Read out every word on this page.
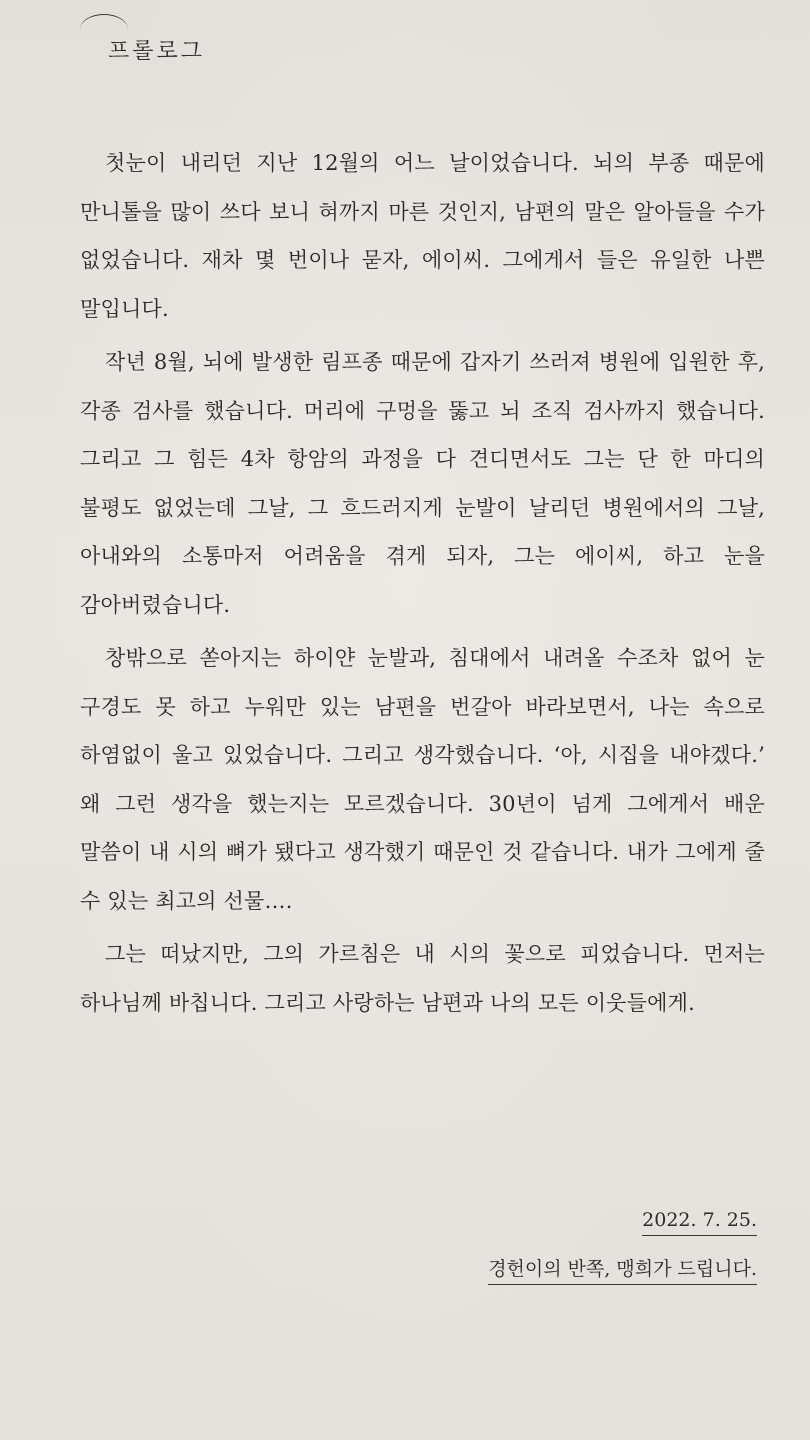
프롤로그

첫눈이 내리던 지난 12월의 어느 날이었습니다. 뇌의 부종 때문에 만니톨을 많이 쓰다 보니 혀까지 마른 것인지, 남편의 말은 알아들을 수가 없었습니다. 재차 몇 번이나 묻자, 에이씨. 그에게서 들은 유일한 나쁜 말입니다.

작년 8월, 뇌에 발생한 림프종 때문에 갑자기 쓰러져 병원에 입원한 후, 각종 검사를 했습니다. 머리에 구멍을 뚫고 뇌 조직 검사까지 했습니다. 그리고 그 힘든 4차 항암의 과정을 다 견디면서도 그는 단 한 마디의 불평도 없었는데 그날, 그 흐드러지게 눈발이 날리던 병원에서의 그날, 아내와의 소통마저 어려움을 겪게 되자, 그는 에이씨, 하고 눈을 감아버렸습니다.

창밖으로 쏟아지는 하이얀 눈발과, 침대에서 내려올 수조차 없어 눈 구경도 못 하고 누워만 있는 남편을 번갈아 바라보면서, 나는 속으로 하염없이 울고 있었습니다. 그리고 생각했습니다. ‘아, 시집을 내야겠다.’ 왜 그런 생각을 했는지는 모르겠습니다. 30년이 넘게 그에게서 배운 말씀이 내 시의 뼈가 됐다고 생각했기 때문인 것 같습니다. 내가 그에게 줄 수 있는 최고의 선물….

그는 떠났지만, 그의 가르침은 내 시의 꽃으로 피었습니다. 먼저는 하나님께 바칩니다. 그리고 사랑하는 남편과 나의 모든 이웃들에게.

2022. 7. 25.
경헌이의 반쪽, 맹희가 드립니다.
